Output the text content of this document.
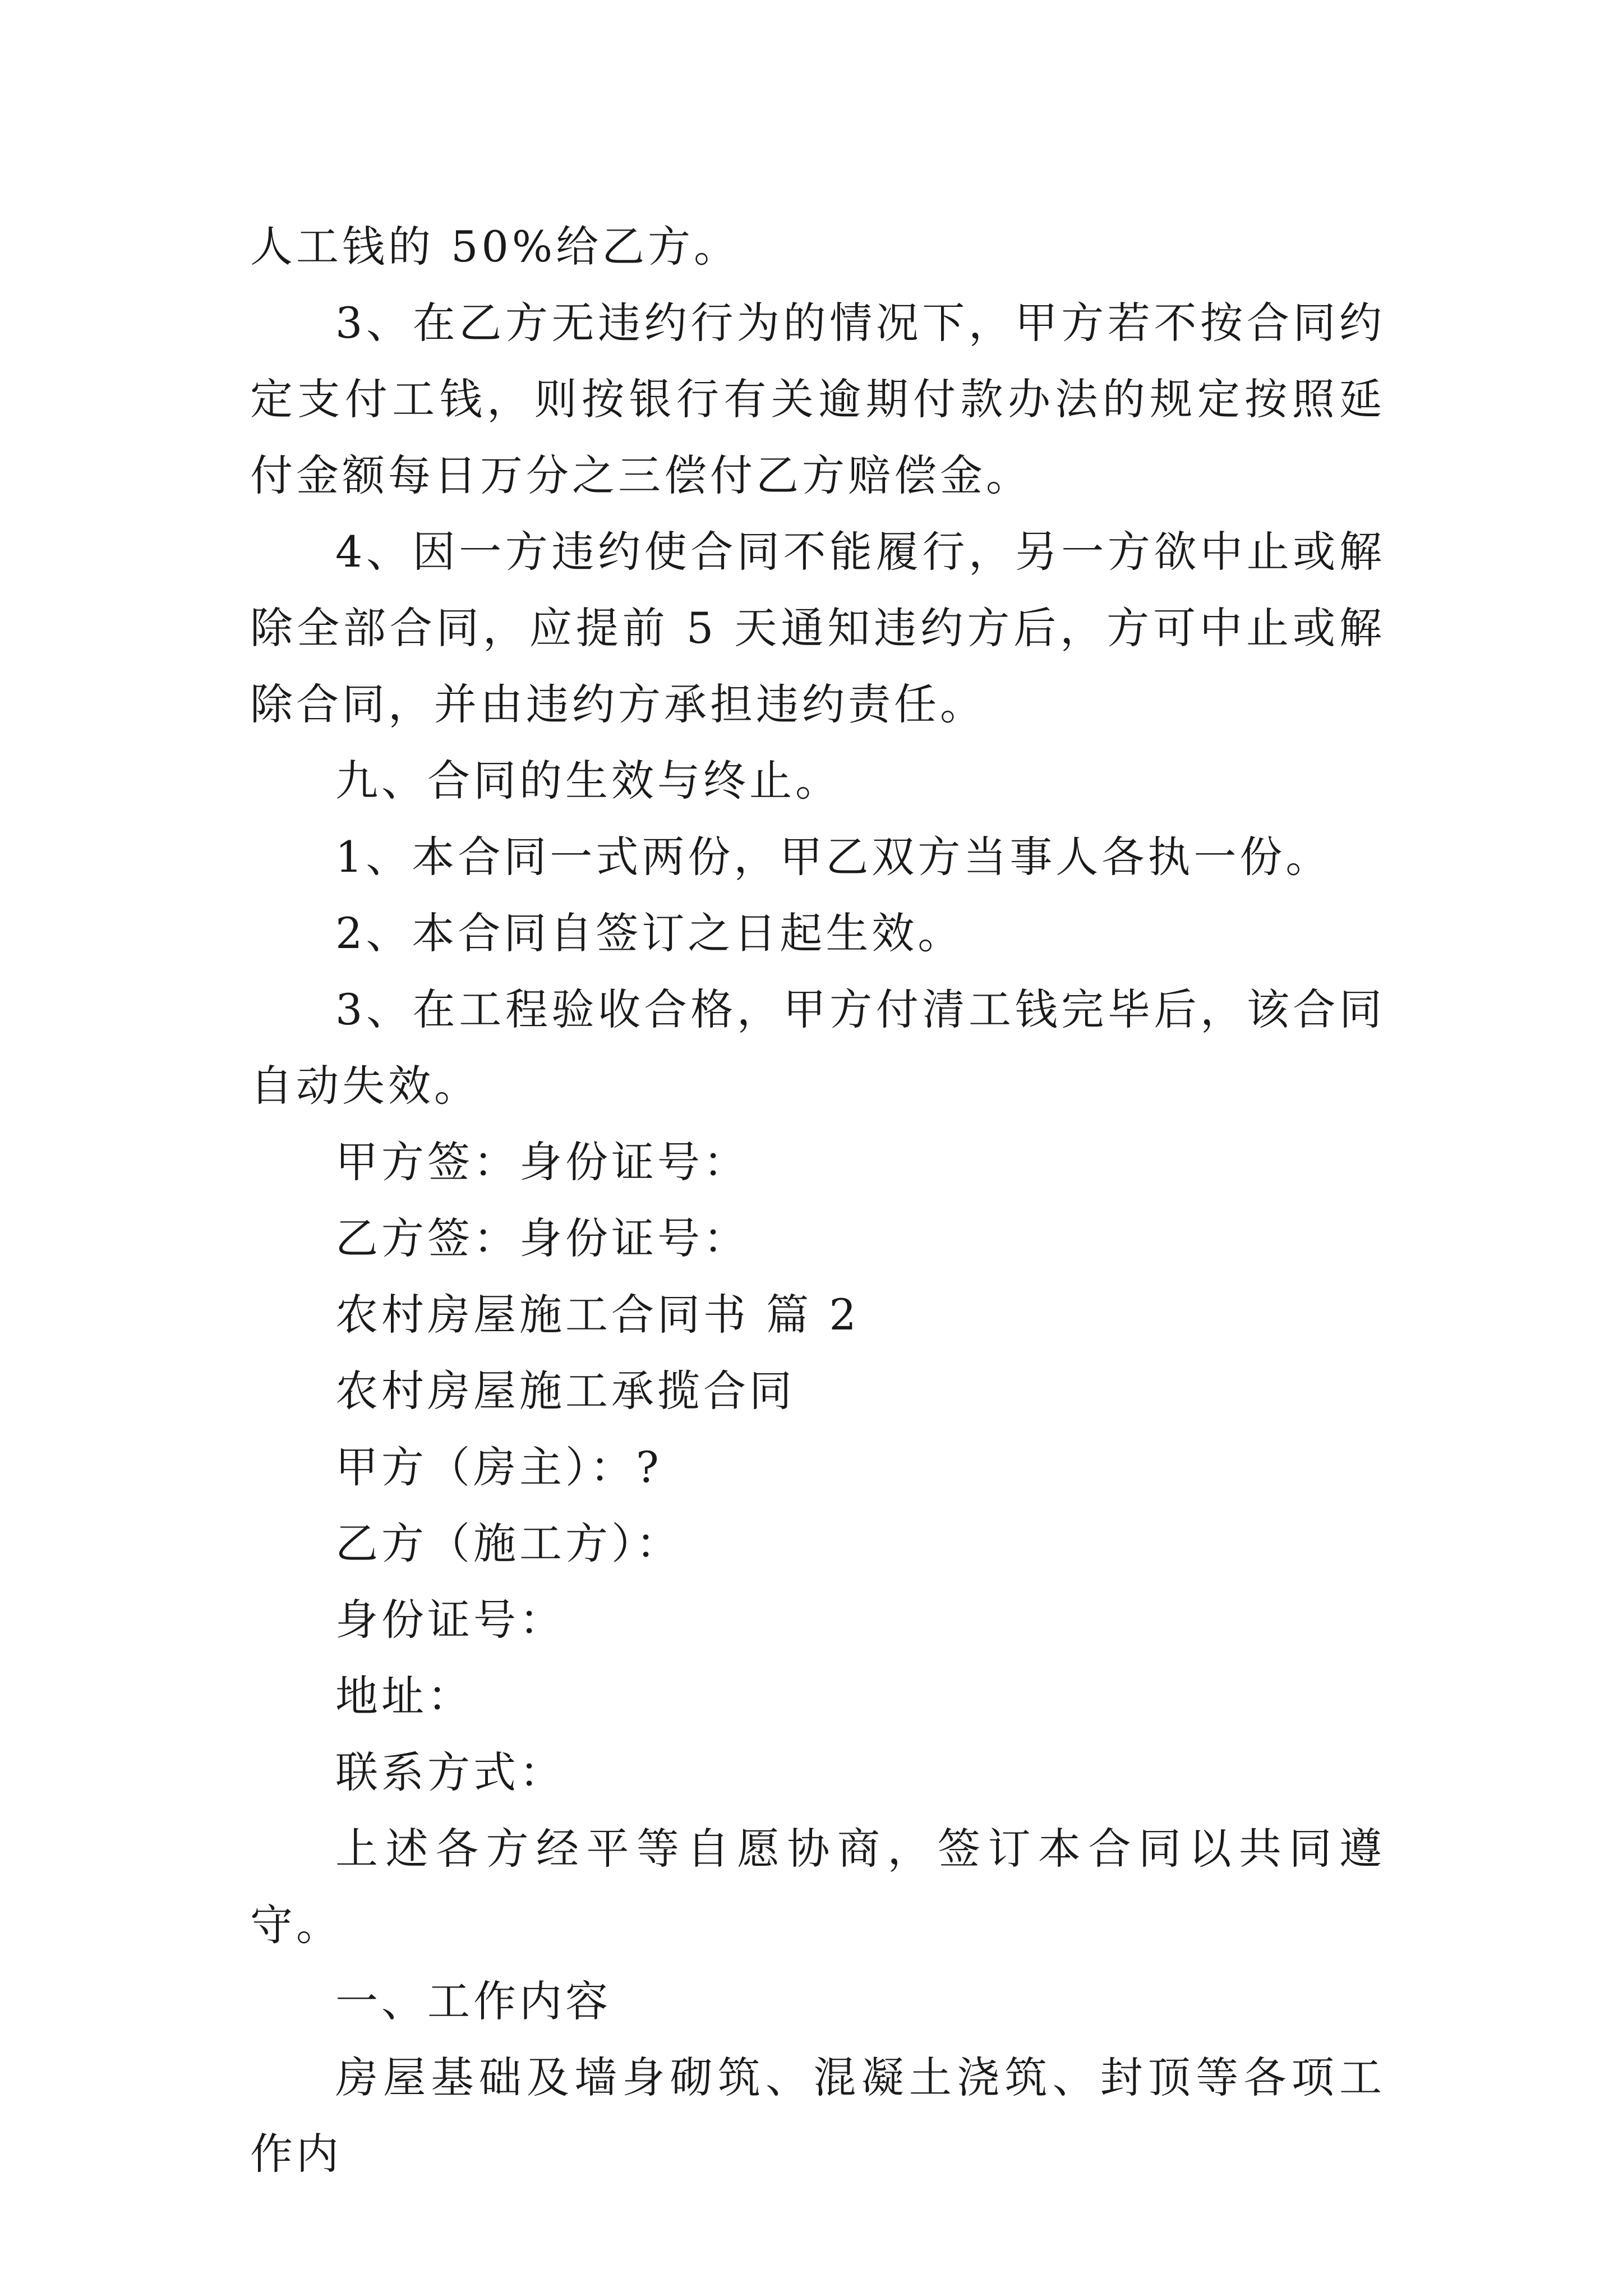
人工钱的 50%给乙方。

3、在乙方无违约行为的情况下，甲方若不按合同约定支付工钱，则按银行有关逾期付款办法的规定按照延付金额每日万分之三偿付乙方赔偿金。

4、因一方违约使合同不能履行，另一方欲中止或解除全部合同，应提前 5 天通知违约方后，方可中止或解除合同，并由违约方承担违约责任。

九、合同的生效与终止。

1、本合同一式两份，甲乙双方当事人各执一份。

2、本合同自签订之日起生效。

3、在工程验收合格，甲方付清工钱完毕后，该合同自动失效。

甲方签：身份证号：

乙方签：身份证号：

农村房屋施工合同书 篇 2

农村房屋施工承揽合同

甲方（房主）：?

乙方（施工方）：

身份证号：

地址：

联系方式：

上述各方经平等自愿协商，签订本合同以共同遵守。

一、工作内容

房屋基础及墙身砌筑、混凝土浇筑、封顶等各项工作内
